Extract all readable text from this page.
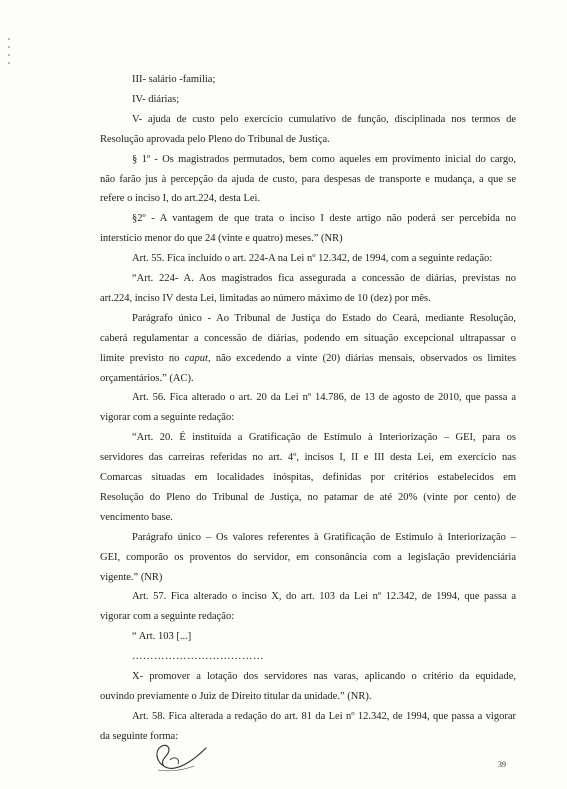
III- salário -família;
IV- diárias;
V- ajuda de custo pelo exercício cumulativo de função, disciplinada nos termos de
Resolução aprovada pelo Pleno do Tribunal de Justiça.
§ 1º - Os magistrados permutados, bem como aqueles em provimento inicial do cargo,
não farão jus à percepção da ajuda de custo, para despesas de transporte e mudança, a que se
refere o inciso I, do art.224, desta Lei.
§2º - A vantagem de que trata o inciso I deste artigo não poderá ser percebida no
interstício menor do que 24 (vinte e quatro) meses.” (NR)
Art. 55. Fica incluído o art. 224-A na Lei nº 12.342, de 1994, com a seguinte redação:
“Art. 224- A. Aos magistrados fica assegurada a concessão de diárias, previstas no
art.224, inciso IV desta Lei, limitadas ao número máximo de 10 (dez) por mês.
Parágrafo único - Ao Tribunal de Justiça do Estado do Ceará, mediante Resolução,
caberá regulamentar a concessão de diárias, podendo em situação excepcional ultrapassar o
limite previsto no caput, não excedendo a vinte (20) diárias mensais, observados os limites
orçamentários.” (AC).
Art. 56. Fica alterado o art. 20 da Lei nº 14.786, de 13 de agosto de 2010, que passa a
vigorar com a seguinte redação:
“Art. 20. É instituída a Gratificação de Estímulo à Interiorização – GEI, para os
servidores das carreiras referidas no art. 4º, incisos I, II e III desta Lei, em exercício nas
Comarcas situadas em localidades inóspitas, definidas por critérios estabelecidos em
Resolução do Pleno do Tribunal de Justiça, no patamar de até 20% (vinte por cento) de
vencimento base.
Parágrafo único – Os valores referentes à Gratificação de Estímulo à Interiorização –
GEI, comporão os proventos do servidor, em consonância com a legislação previdenciária
vigente.” (NR)
Art. 57. Fica alterado o inciso X, do art. 103 da Lei nº 12.342, de 1994, que passa a
vigorar com a seguinte redação:
“ Art. 103 [...]
………………………………
X- promover a lotação dos servidores nas varas, aplicando o critério da equidade,
ouvindo previamente o Juiz de Direito titular da unidade.” (NR).
Art. 58. Fica alterada a redação do art. 81 da Lei nº 12.342, de 1994, que passa a vigorar
da seguinte forma:
39
